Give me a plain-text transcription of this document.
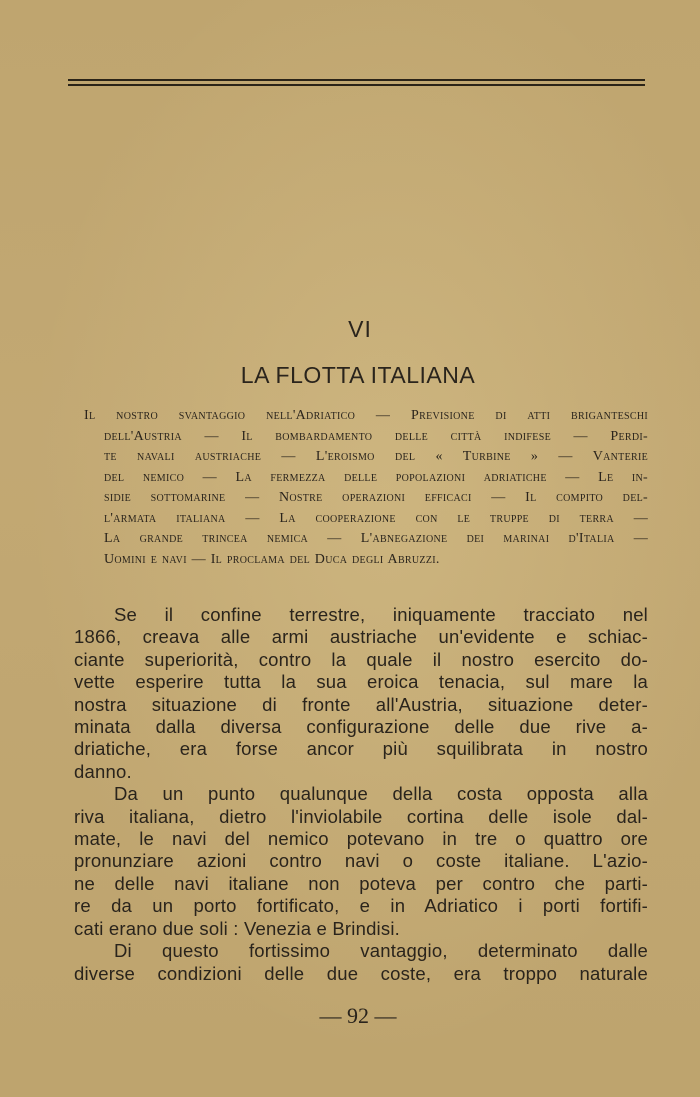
VI
LA FLOTTA ITALIANA
Il nostro svantaggio nell'Adriatico — Previsione di atti briganteschi
dell'Austria — Il bombardamento delle città indifese — Perdi-
te navali austriache — L'eroismo del « Turbine » — Vanterie
del nemico — La fermezza delle popolazioni adriatiche — Le in-
sidie sottomarine — Nostre operazioni efficaci — Il compito del-
l'armata italiana — La cooperazione con le truppe di terra —
La grande trincea nemica — L'abnegazione dei marinai d'Italia —
Uomini e navi — Il proclama del Duca degli Abruzzi.
Se il confine terrestre, iniquamente tracciato nel
1866, creava alle armi austriache un'evidente e schiac-
ciante superiorità, contro la quale il nostro esercito do-
vette esperire tutta la sua eroica tenacia, sul mare la
nostra situazione di fronte all'Austria, situazione deter-
minata dalla diversa configurazione delle due rive a-
driatiche, era forse ancor più squilibrata in nostro
danno.
Da un punto qualunque della costa opposta alla
riva italiana, dietro l'inviolabile cortina delle isole dal-
mate, le navi del nemico potevano in tre o quattro ore
pronunziare azioni contro navi o coste italiane. L'azio-
ne delle navi italiane non poteva per contro che parti-
re da un porto fortificato, e in Adriatico i porti fortifi-
cati erano due soli : Venezia e Brindisi.
Di questo fortissimo vantaggio, determinato dalle
diverse condizioni delle due coste, era troppo naturale
— 92 —
